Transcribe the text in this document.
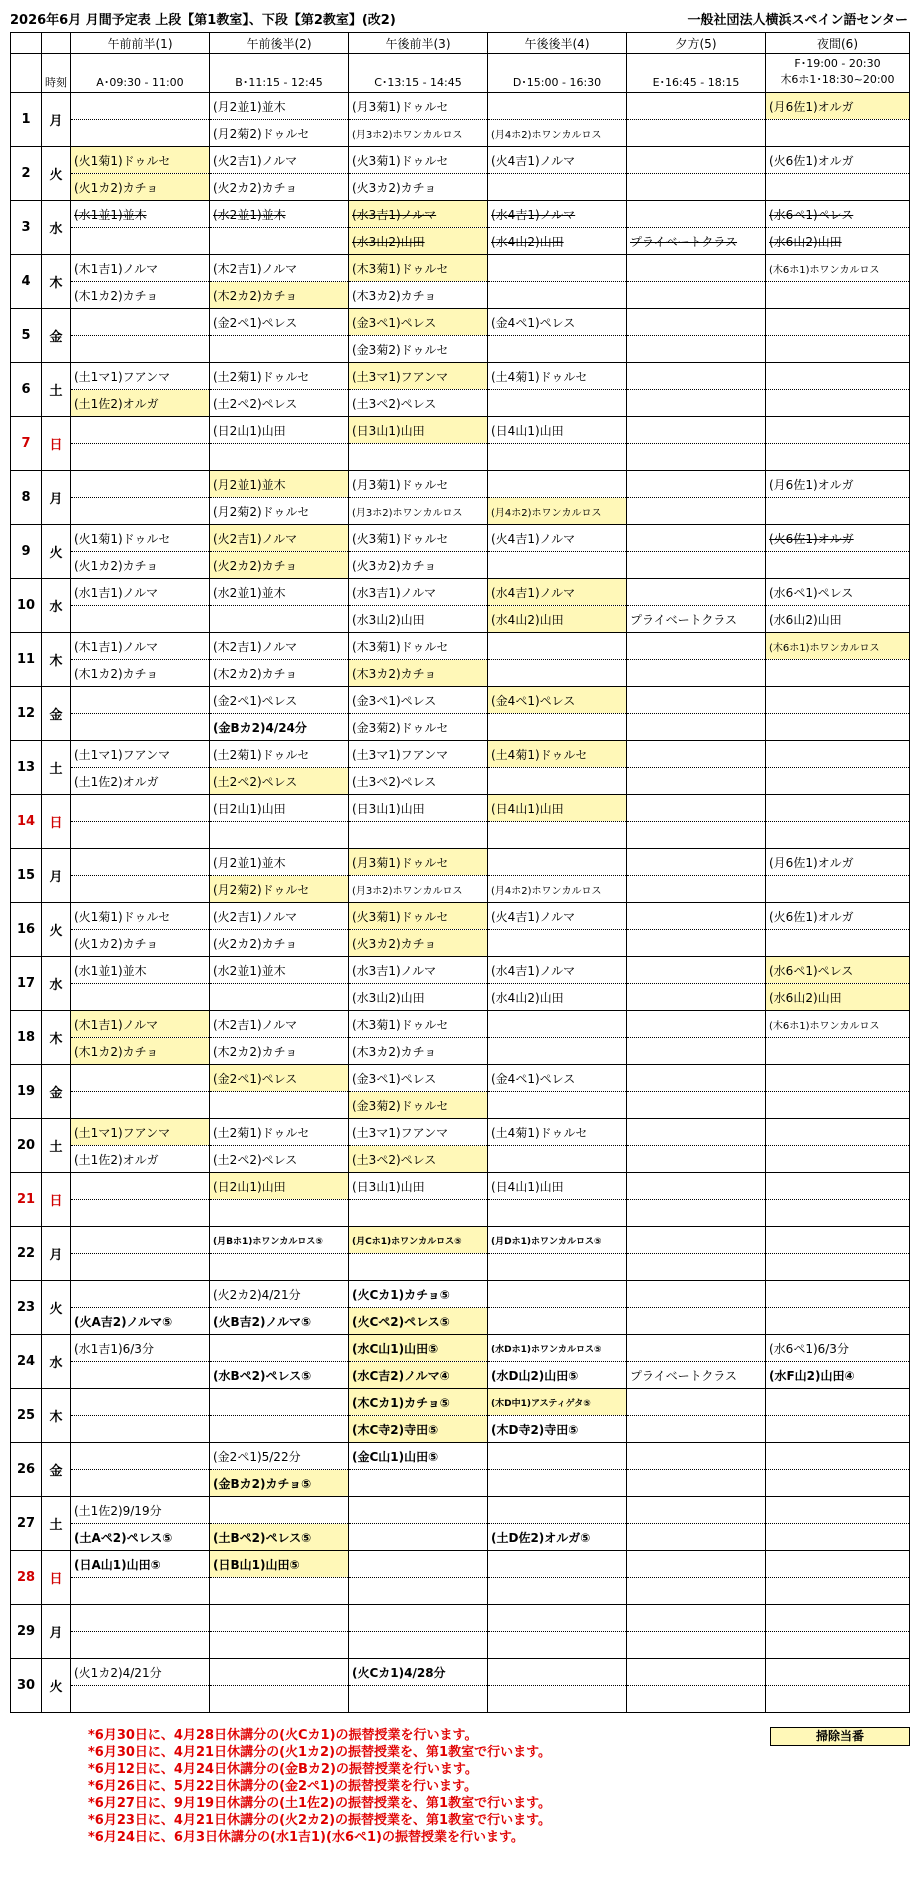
2026年6月 月間予定表 上段【第1教室】、下段【第2教室】(改2)	一般社団法人横浜スペイン語センター
		午前前半(1)	午前後半(2)	午後前半(3)	午後後半(4)	夕方(5)	夜間(6)
	時刻	A･09:30 - 11:00	B･11:15 - 12:45	C･13:15 - 14:45	D･15:00 - 16:30	E･16:45 - 18:15	F･19:00 - 20:30
木6ホ1･18:30~20:00

1	月		(月2並1)並木	(月3菊1)ドゥルセ			(月6佐1)オルガ
			(月2菊2)ドゥルセ	(月3ホ2)ホワンカルロス	(月4ホ2)ホワンカルロス		
2	火	(火1菊1)ドゥルセ	(火2吉1)ノルマ	(火3菊1)ドゥルセ	(火4吉1)ノルマ		(火6佐1)オルガ
		(火1カ2)カチョ	(火2カ2)カチョ	(火3カ2)カチョ			
3	水	(水1並1)並木	(水2並1)並木	(水3吉1)ノルマ	(水4吉1)ノルマ		(水6ペ1)ペレス
				(水3山2)山田	(水4山2)山田	プライベートクラス	(水6山2)山田
4	木	(木1吉1)ノルマ	(木2吉1)ノルマ	(木3菊1)ドゥルセ			(木6ホ1)ホワンカルロス
		(木1カ2)カチョ	(木2カ2)カチョ	(木3カ2)カチョ			
5	金		(金2ペ1)ペレス	(金3ペ1)ペレス	(金4ペ1)ペレス		
				(金3菊2)ドゥルセ			
6	土	(土1マ1)フアンマ	(土2菊1)ドゥルセ	(土3マ1)フアンマ	(土4菊1)ドゥルセ		
		(土1佐2)オルガ	(土2ペ2)ペレス	(土3ペ2)ペレス			
7	日		(日2山1)山田	(日3山1)山田	(日4山1)山田		

8	月		(月2並1)並木	(月3菊1)ドゥルセ			(月6佐1)オルガ
			(月2菊2)ドゥルセ	(月3ホ2)ホワンカルロス	(月4ホ2)ホワンカルロス		
9	火	(火1菊1)ドゥルセ	(火2吉1)ノルマ	(火3菊1)ドゥルセ	(火4吉1)ノルマ		(火6佐1)オルガ
		(火1カ2)カチョ	(火2カ2)カチョ	(火3カ2)カチョ			
10	水	(水1吉1)ノルマ	(水2並1)並木	(水3吉1)ノルマ	(水4吉1)ノルマ		(水6ペ1)ペレス
				(水3山2)山田	(水4山2)山田	プライベートクラス	(水6山2)山田
11	木	(木1吉1)ノルマ	(木2吉1)ノルマ	(木3菊1)ドゥルセ			(木6ホ1)ホワンカルロス
		(木1カ2)カチョ	(木2カ2)カチョ	(木3カ2)カチョ			
12	金		(金2ペ1)ペレス	(金3ペ1)ペレス	(金4ペ1)ペレス		
			(金Bカ2)4/24分	(金3菊2)ドゥルセ			
13	土	(土1マ1)フアンマ	(土2菊1)ドゥルセ	(土3マ1)フアンマ	(土4菊1)ドゥルセ		
		(土1佐2)オルガ	(土2ペ2)ペレス	(土3ペ2)ペレス			
14	日		(日2山1)山田	(日3山1)山田	(日4山1)山田		

15	月		(月2並1)並木	(月3菊1)ドゥルセ			(月6佐1)オルガ
			(月2菊2)ドゥルセ	(月3ホ2)ホワンカルロス	(月4ホ2)ホワンカルロス		
16	火	(火1菊1)ドゥルセ	(火2吉1)ノルマ	(火3菊1)ドゥルセ	(火4吉1)ノルマ		(火6佐1)オルガ
		(火1カ2)カチョ	(火2カ2)カチョ	(火3カ2)カチョ			
17	水	(水1並1)並木	(水2並1)並木	(水3吉1)ノルマ	(水4吉1)ノルマ		(水6ペ1)ペレス
				(水3山2)山田	(水4山2)山田		(水6山2)山田
18	木	(木1吉1)ノルマ	(木2吉1)ノルマ	(木3菊1)ドゥルセ			(木6ホ1)ホワンカルロス
		(木1カ2)カチョ	(木2カ2)カチョ	(木3カ2)カチョ			
19	金		(金2ペ1)ペレス	(金3ペ1)ペレス	(金4ペ1)ペレス		
				(金3菊2)ドゥルセ			
20	土	(土1マ1)フアンマ	(土2菊1)ドゥルセ	(土3マ1)フアンマ	(土4菊1)ドゥルセ		
		(土1佐2)オルガ	(土2ペ2)ペレス	(土3ペ2)ペレス			
21	日		(日2山1)山田	(日3山1)山田	(日4山1)山田		

22	月		(月Bホ1)ホワンカルロス⑤	(月Cホ1)ホワンカルロス⑤	(月Dホ1)ホワンカルロス⑤		

23	火		(火2カ2)4/21分	(火Cカ1)カチョ⑤			
		(火A吉2)ノルマ⑤	(火B吉2)ノルマ⑤	(火Cペ2)ペレス⑤			
24	水	(水1吉1)6/3分		(水C山1)山田⑤	(水Dホ1)ホワンカルロス⑤		(水6ペ1)6/3分
			(水Bペ2)ペレス⑤	(水C吉2)ノルマ④	(水D山2)山田⑤	プライベートクラス	(水F山2)山田④
25	木			(木Cカ1)カチョ⑤	(木D中1)アスティゲタ⑤		
				(木C寺2)寺田⑤	(木D寺2)寺田⑤		
26	金		(金2ペ1)5/22分	(金C山1)山田⑤			
			(金Bカ2)カチョ⑤				
27	土	(土1佐2)9/19分					
		(土Aペ2)ペレス⑤	(土Bペ2)ペレス⑤		(土D佐2)オルガ⑤		
28	日	(日A山1)山田⑤	(日B山1)山田⑤				

29	月						

30	火	(火1カ2)4/21分		(火Cカ1)4/28分			

*6月30日に、4月28日休講分の(火Cカ1)の振替授業を行います。
*6月30日に、4月21日休講分の(火1カ2)の振替授業を、第1教室で行います。
*6月12日に、4月24日休講分の(金Bカ2)の振替授業を行います。
*6月26日に、5月22日休講分の(金2ペ1)の振替授業を行います。
*6月27日に、9月19日休講分の(土1佐2)の振替授業を、第1教室で行います。
*6月23日に、4月21日休講分の(火2カ2)の振替授業を、第1教室で行います。
*6月24日に、6月3日休講分の(水1吉1)(水6ペ1)の振替授業を行います。
掃除当番
